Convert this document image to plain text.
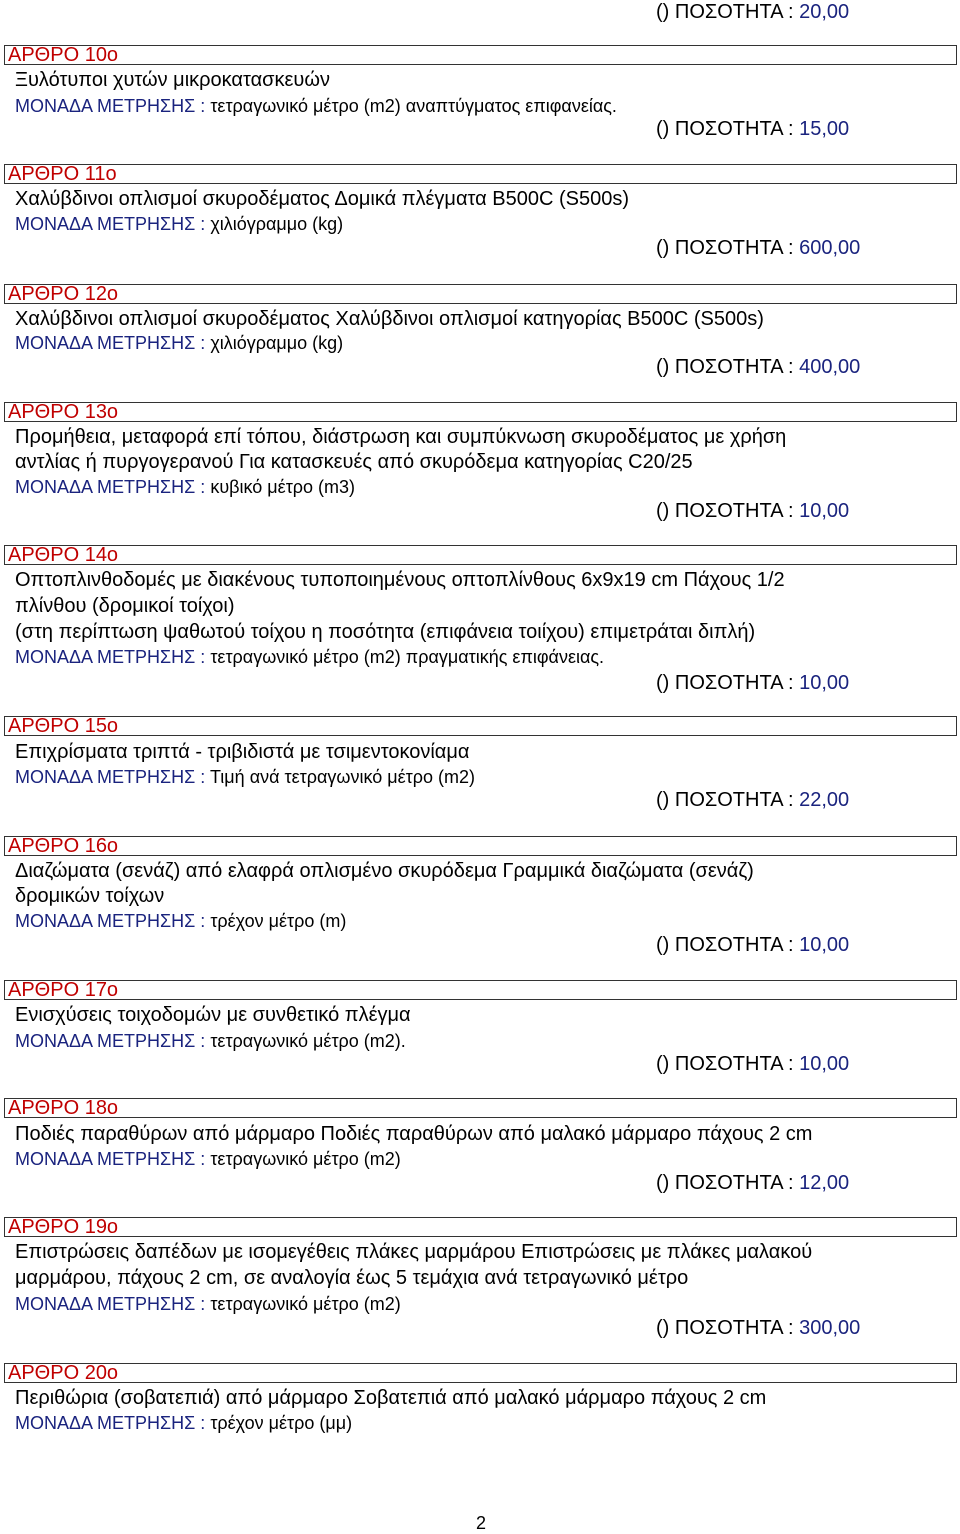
() ΠΟΣΟΤΗΤΑ : 20,00
ΑΡΘΡΟ 10ο
Ξυλότυποι χυτών μικροκατασκευών
ΜΟΝΑΔΑ ΜΕΤΡΗΣΗΣ : τετραγωνικό μέτρο (m2) αναπτύγματος επιφανείας.
() ΠΟΣΟΤΗΤΑ : 15,00
ΑΡΘΡΟ 11ο
Χαλύβδινοι οπλισμοί σκυροδέματος Δομικά πλέγματα B500C (S500s)
ΜΟΝΑΔΑ ΜΕΤΡΗΣΗΣ : χιλιόγραμμο (kg)
() ΠΟΣΟΤΗΤΑ : 600,00
ΑΡΘΡΟ 12ο
Χαλύβδινοι οπλισμοί σκυροδέματος Χαλύβδινοι οπλισμοί κατηγορίας B500C (S500s)
ΜΟΝΑΔΑ ΜΕΤΡΗΣΗΣ : χιλιόγραμμο (kg)
() ΠΟΣΟΤΗΤΑ : 400,00
ΑΡΘΡΟ 13ο
Προμήθεια, μεταφορά επί τόπου, διάστρωση και συμπύκνωση σκυροδέματος με χρήση
αντλίας ή πυργογερανού Για κατασκευές από σκυρόδεμα κατηγορίας C20/25
ΜΟΝΑΔΑ ΜΕΤΡΗΣΗΣ : κυβικό μέτρο (m3)
() ΠΟΣΟΤΗΤΑ : 10,00
ΑΡΘΡΟ 14ο
Οπτοπλινθοδομές με διακένους τυποποιημένους οπτοπλίνθους 6x9x19 cm Πάχους 1/2
πλίνθου (δρομικοί τοίχοι)
(στη περίπτωση ψαθωτού τοίχου η ποσότητα (επιφάνεια τοιίχου) επιμετράται διπλή)
ΜΟΝΑΔΑ ΜΕΤΡΗΣΗΣ : τετραγωνικό μέτρο (m2) πραγματικής επιφάνειας.
() ΠΟΣΟΤΗΤΑ : 10,00
ΑΡΘΡΟ 15ο
Επιχρίσματα τριπτά - τριβιδιστά με τσιμεντοκονίαμα
ΜΟΝΑΔΑ ΜΕΤΡΗΣΗΣ : Τιμή ανά τετραγωνικό μέτρο (m2)
() ΠΟΣΟΤΗΤΑ : 22,00
ΑΡΘΡΟ 16ο
Διαζώματα (σενάζ) από ελαφρά οπλισμένο σκυρόδεμα Γραμμικά διαζώματα (σενάζ)
δρομικών τοίχων
ΜΟΝΑΔΑ ΜΕΤΡΗΣΗΣ : τρέχον μέτρο (m)
() ΠΟΣΟΤΗΤΑ : 10,00
ΑΡΘΡΟ 17ο
Ενισχύσεις τοιχοδομών με συνθετικό πλέγμα
ΜΟΝΑΔΑ ΜΕΤΡΗΣΗΣ : τετραγωνικό μέτρο (m2).
() ΠΟΣΟΤΗΤΑ : 10,00
ΑΡΘΡΟ 18ο
Ποδιές παραθύρων από μάρμαρο Ποδιές παραθύρων από μαλακό μάρμαρο πάχους 2 cm
ΜΟΝΑΔΑ ΜΕΤΡΗΣΗΣ : τετραγωνικό μέτρο (m2)
() ΠΟΣΟΤΗΤΑ : 12,00
ΑΡΘΡΟ 19ο
Επιστρώσεις δαπέδων με ισομεγέθεις πλάκες μαρμάρου Επιστρώσεις με πλάκες μαλακού
μαρμάρου, πάχους 2 cm, σε αναλογία έως 5 τεμάχια ανά τετραγωνικό μέτρο
ΜΟΝΑΔΑ ΜΕΤΡΗΣΗΣ : τετραγωνικό μέτρο (m2)
() ΠΟΣΟΤΗΤΑ : 300,00
ΑΡΘΡΟ 20ο
Περιθώρια (σοβατεπιά) από μάρμαρο Σοβατεπιά από μαλακό μάρμαρο πάχους 2 cm
ΜΟΝΑΔΑ ΜΕΤΡΗΣΗΣ : τρέχον μέτρο (μμ)
2
